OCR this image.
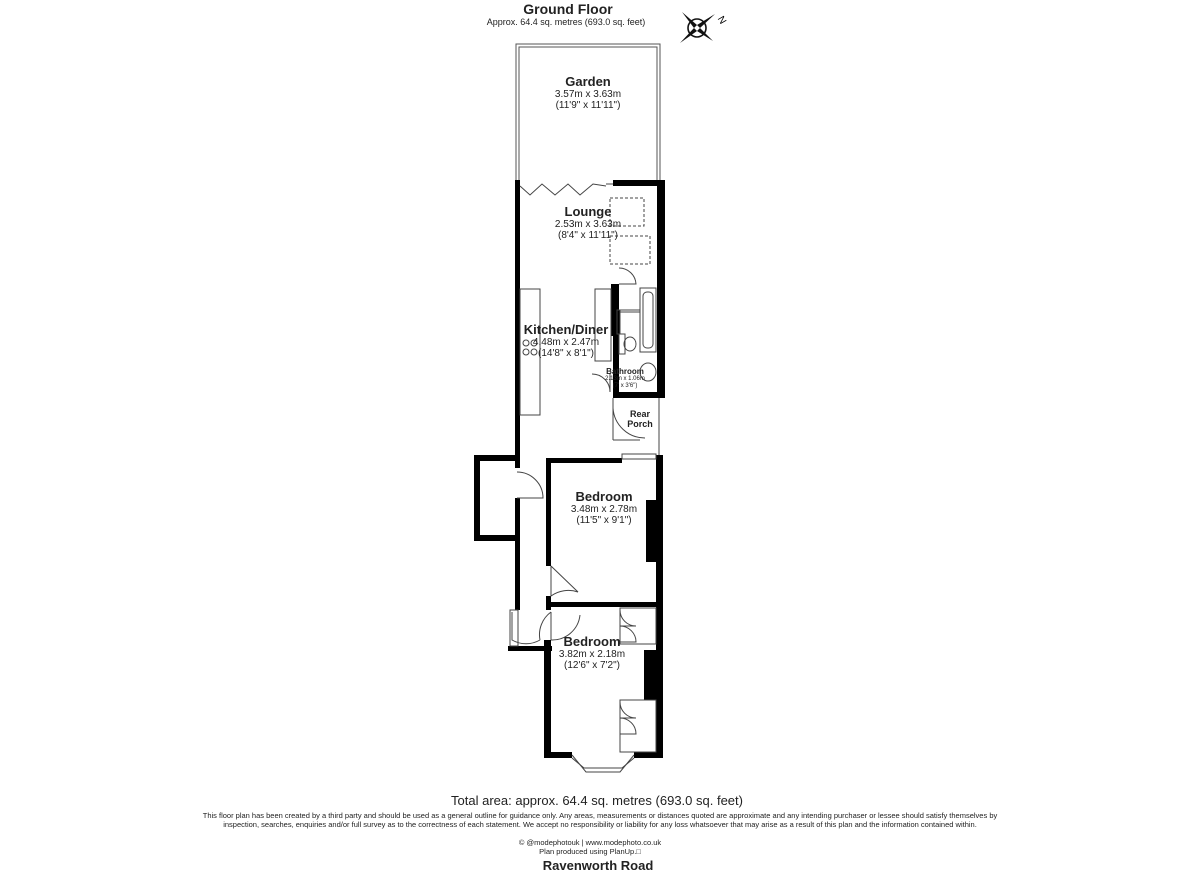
Ground Floor
Approx. 64.4 sq. metres (693.0 sq. feet)	N
Garden
3.57m x 3.63m
(11'9" x 11'11")
Lounge
2.53m x 3.63m
(8'4" x 11'11")
Kitchen/Diner
4.48m x 2.47m
(14'8" x 8'1")
Bathroom
2.13m x 1.06m
(7' x 3'6")
Rear
Porch
Bedroom
3.48m x 2.78m
(11'5" x 9'1")
Bedroom
3.82m x 2.18m
(12'6" x 7'2")
Total area: approx. 64.4 sq. metres (693.0 sq. feet)
This floor plan has been created by a third party and should be used as a general outline for guidance only. Any areas, measurements or distances quoted are approximate and any intending purchaser or lessee should satisfy themselves by inspection, searches, enquiries and/or full survey as to the correctness of each statement. We accept no responsibility or liability for any loss whatsoever that may arise as a result of this plan and the information contained within.
© @modephotouk | www.modephoto.co.uk
Plan produced using PlanUp.□
Ravenworth Road
